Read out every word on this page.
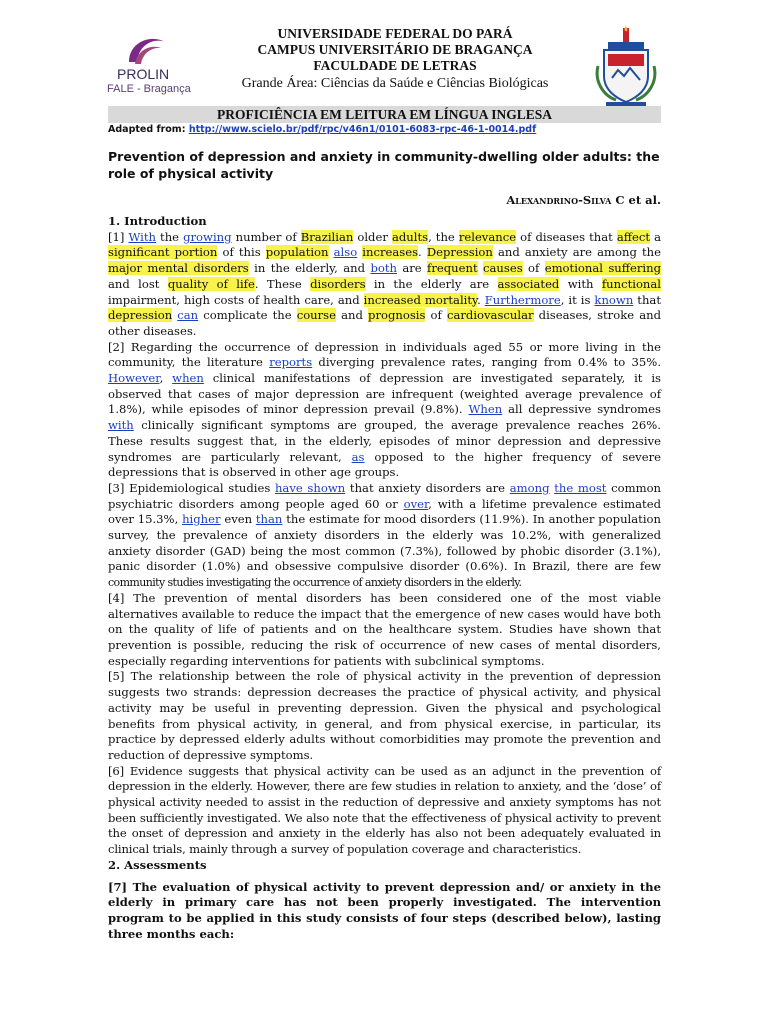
PROLIN
FALE - Bragança
UNIVERSIDADE FEDERAL DO PARÁ
CAMPUS UNIVERSITÁRIO DE BRAGANÇA
FACULDADE DE LETRAS
Grande Área: Ciências da Saúde e Ciências Biológicas
PROFICIÊNCIA EM LEITURA EM LÍNGUA INGLESA
Adapted from: http://www.scielo.br/pdf/rpc/v46n1/0101-6083-rpc-46-1-0014.pdf
Prevention of depression and anxiety in community-dwelling older adults: the role of physical activity
Alexandrino-Silva C et al.

1. Introduction

[1] With the growing number of Brazilian older adults, the relevance of diseases that affect a significant portion of this population also increases. Depression and anxiety are among the major mental disorders in the elderly, and both are frequent causes of emotional suffering and lost quality of life. These disorders in the elderly are associated with functional impairment, high costs of health care, and increased mortality. Furthermore, it is known that depression can complicate the course and prognosis of cardiovascular diseases, stroke and other diseases.

[2] Regarding the occurrence of depression in individuals aged 55 or more living in the community, the literature reports diverging prevalence rates, ranging from 0.4% to 35%. However, when clinical manifestations of depression are investigated separately, it is observed that cases of major depression are infrequent (weighted average prevalence of 1.8%), while episodes of minor depression prevail (9.8%). When all depressive syndromes with clinically significant symptoms are grouped, the average prevalence reaches 26%. These results suggest that, in the elderly, episodes of minor depression and depressive syndromes are particularly relevant, as opposed to the higher frequency of severe depressions that is observed in other age groups.

[3] Epidemiological studies have shown that anxiety disorders are among the most common psychiatric disorders among people aged 60 or over, with a lifetime prevalence estimated over 15.3%, higher even than the estimate for mood disorders (11.9%). In another population survey, the prevalence of anxiety disorders in the elderly was 10.2%, with generalized anxiety disorder (GAD) being the most common (7.3%), followed by phobic disorder (3.1%), panic disorder (1.0%) and obsessive compulsive disorder (0.6%). In Brazil, there are few community studies investigating the occurrence of anxiety disorders in the elderly.

[4] The prevention of mental disorders has been considered one of the most viable alternatives available to reduce the impact that the emergence of new cases would have both on the quality of life of patients and on the healthcare system. Studies have shown that prevention is possible, reducing the risk of occurrence of new cases of mental disorders, especially regarding interventions for patients with subclinical symptoms.

[5] The relationship between the role of physical activity in the prevention of depression suggests two strands: depression decreases the practice of physical activity, and physical activity may be useful in preventing depression. Given the physical and psychological benefits from physical activity, in general, and from physical exercise, in particular, its practice by depressed elderly adults without comorbidities may promote the prevention and reduction of depressive symptoms.

[6] Evidence suggests that physical activity can be used as an adjunct in the prevention of depression in the elderly. However, there are few studies in relation to anxiety, and the ‘dose’ of physical activity needed to assist in the reduction of depressive and anxiety symptoms has not been sufficiently investigated. We also note that the effectiveness of physical activity to prevent the onset of depression and anxiety in the elderly has also not been adequately evaluated in clinical trials, mainly through a survey of population coverage and characteristics.

2. Assessments

[7] The evaluation of physical activity to prevent depression and/ or anxiety in the elderly in primary care has not been properly investigated. The intervention program to be applied in this study consists of four steps (described below), lasting three months each:
